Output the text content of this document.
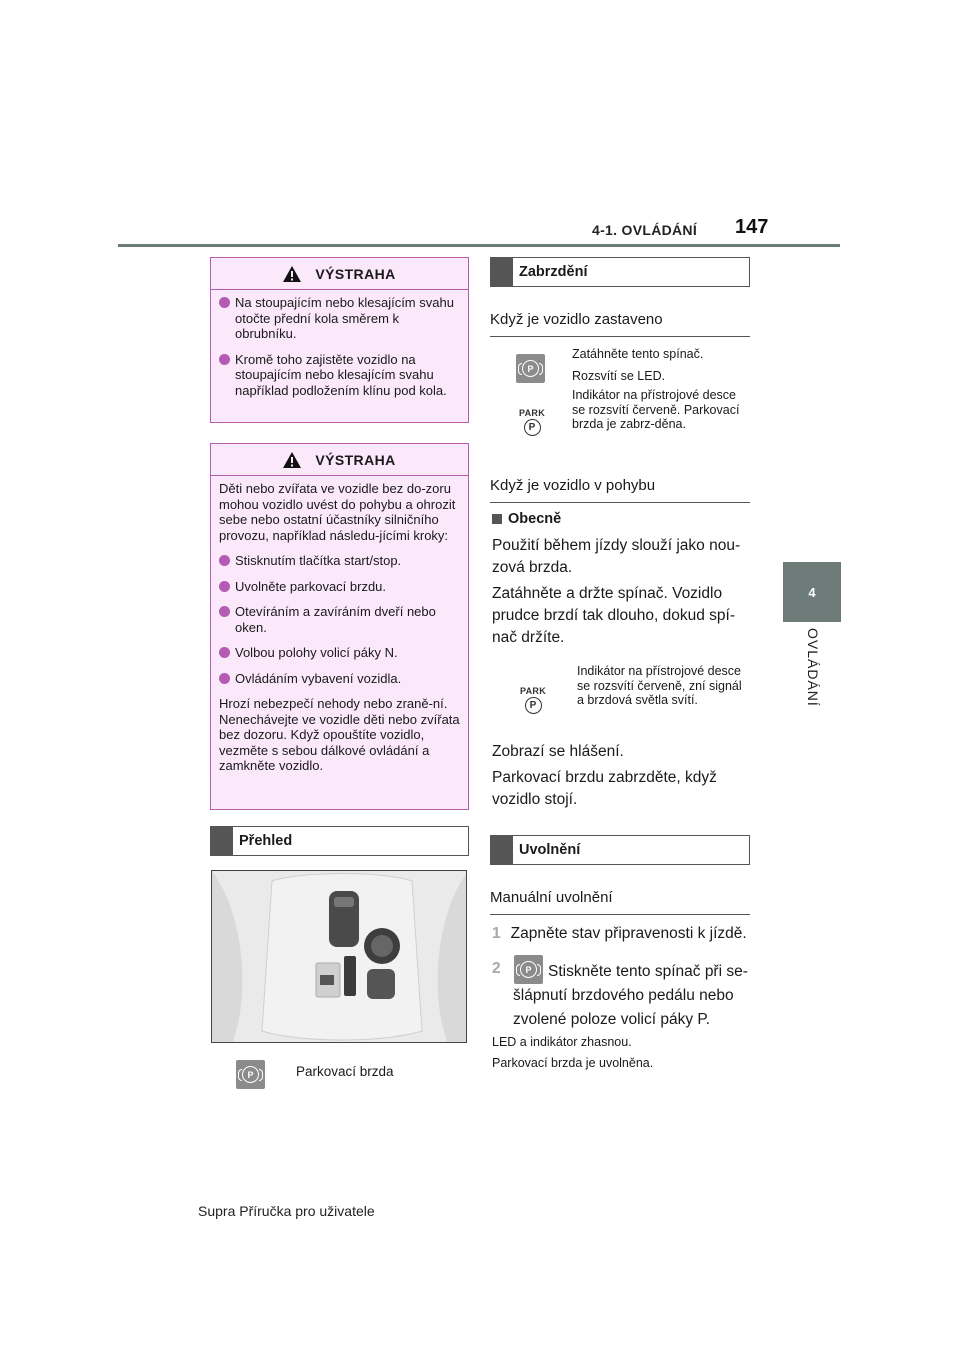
4-1. OVLÁDÁNÍ 147
4
OVLÁDÁNÍ
VÝSTRAHA
Na stoupajícím nebo klesajícím svahu otočte přední kola směrem k obrubníku.
Kromě toho zajistěte vozidlo na stoupajícím nebo klesajícím svahu například podložením klínu pod kola.
VÝSTRAHA

Děti nebo zvířata ve vozidle bez do-zoru mohou vozidlo uvést do pohybu a ohrozit sebe nebo ostatní účastníky silničního provozu, například následu-jícími kroky:

Stisknutím tlačítka start/stop.
Uvolněte parkovací brzdu.
Otevíráním a zavíráním dveří nebo oken.
Volbou polohy volicí páky N.
Ovládáním vybavení vozidla.

Hrozí nebezpečí nehody nebo zraně-ní. Nenechávejte ve vozidle děti nebo zvířata bez dozoru. Když opouštíte vozidlo, vezměte s sebou dálkové ovládání a zamkněte vozidlo.

Přehled
P	Parkovací brzda
Zabrzdění
Když je vozidlo zastaveno
P
Zatáhněte tento spínač.
Rozsvítí se LED.
PARK
P
Indikátor na přístrojové desce se rozsvítí červeně. Parkovací brzda je zabrz-děna.
Když je vozidlo v pohybu
Obecně
Použití během jízdy slouží jako nou-zová brzda.
Zatáhněte a držte spínač. Vozidlo prudce brzdí tak dlouho, dokud spí-nač držíte.
PARK
P
Indikátor na přístrojové desce se rozsvítí červeně, zní signál a brzdová světla svítí.
Zobrazí se hlášení.
Parkovací brzdu zabrzděte, když vozidlo stojí.
Uvolnění
Manuální uvolnění
1 Zapněte stav připravenosti k jízdě.
2	P	Stiskněte tento spínač při se-šlápnutí brzdového pedálu nebo zvolené poloze volicí páky P.
LED a indikátor zhasnou.
Parkovací brzda je uvolněna.
Supra Příručka pro uživatele
